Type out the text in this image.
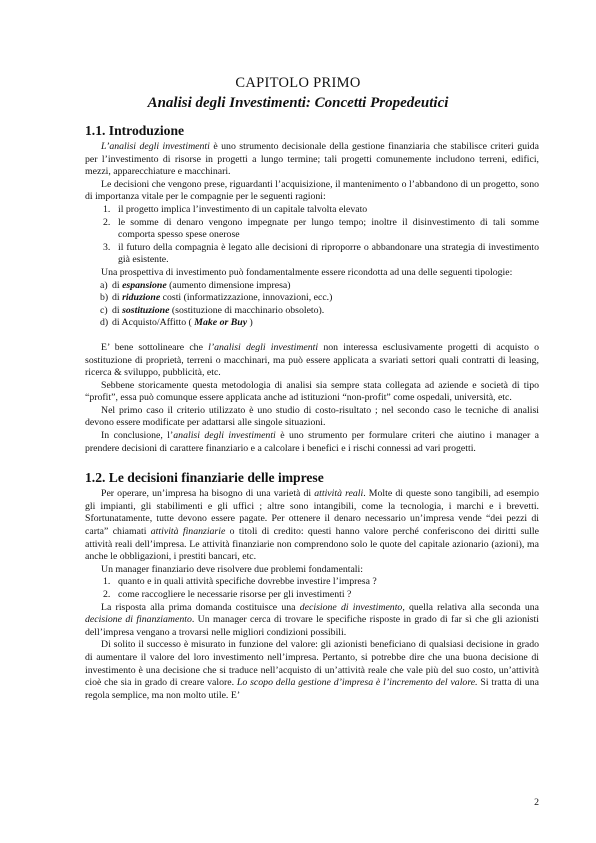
CAPITOLO PRIMO
Analisi degli Investimenti: Concetti Propedeutici
1.1. Introduzione

L’analisi degli investimenti è uno strumento decisionale della gestione finanziaria che stabilisce criteri guida per l’investimento di risorse in progetti a lungo termine; tali progetti comunemente includono terreni, edifici, mezzi, apparecchiature e macchinari.

Le decisioni che vengono prese, riguardanti l’acquisizione, il mantenimento o l’abbandono di un progetto, sono di importanza vitale per le compagnie per le seguenti ragioni:

1. il progetto implica l’investimento di un capitale talvolta elevato
2. le somme di denaro vengono impegnate per lungo tempo; inoltre il disinvestimento di tali somme comporta spesso spese onerose
3. il futuro della compagnia è legato alle decisioni di riproporre o abbandonare una strategia di investimento già esistente.

Una prospettiva di investimento può fondamentalmente essere ricondotta ad una delle seguenti tipologie:

a) di espansione (aumento dimensione impresa)
b) di riduzione costi (informatizzazione, innovazioni, ecc.)
c) di sostituzione (sostituzione di macchinario obsoleto).
d) di Acquisto/Affitto ( Make or Buy )

E’ bene sottolineare che l’analisi degli investimenti non interessa esclusivamente progetti di acquisto o sostituzione di proprietà, terreni o macchinari, ma può essere applicata a svariati settori quali contratti di leasing, ricerca & sviluppo, pubblicità, etc.

Sebbene storicamente questa metodologia di analisi sia sempre stata collegata ad aziende e società di tipo “profit”, essa può comunque essere applicata anche ad istituzioni “non-profit” come ospedali, università, etc.

Nel primo caso il criterio utilizzato è uno studio di costo-risultato ; nel secondo caso le tecniche di analisi devono essere modificate per adattarsi alle singole situazioni.

In conclusione, l’analisi degli investimenti è uno strumento per formulare criteri che aiutino i manager a prendere decisioni di carattere finanziario e a calcolare i benefici e i rischi connessi ad vari progetti.

1.2. Le decisioni finanziarie delle imprese

Per operare, un’impresa ha bisogno di una varietà di attività reali. Molte di queste sono tangibili, ad esempio gli impianti, gli stabilimenti e gli uffici ; altre sono intangibili, come la tecnologia, i marchi e i brevetti. Sfortunatamente, tutte devono essere pagate. Per ottenere il denaro necessario un’impresa vende “dei pezzi di carta” chiamati attività finanziarie o titoli di credito: questi hanno valore perché conferiscono dei diritti sulle attività reali dell’impresa. Le attività finanziarie non comprendono solo le quote del capitale azionario (azioni), ma anche le obbligazioni, i prestiti bancari, etc.

Un manager finanziario deve risolvere due problemi fondamentali:

1. quanto e in quali attività specifiche dovrebbe investire l’impresa ?
2. come raccogliere le necessarie risorse per gli investimenti ?

La risposta alla prima domanda costituisce una decisione di investimento, quella relativa alla seconda una decisione di finanziamento. Un manager cerca di trovare le specifiche risposte in grado di far sì che gli azionisti dell’impresa vengano a trovarsi nelle migliori condizioni possibili.

Di solito il successo è misurato in funzione del valore: gli azionisti beneficiano di qualsiasi decisione in grado di aumentare il valore del loro investimento nell’impresa. Pertanto, si potrebbe dire che una buona decisione di investimento è una decisione che si traduce nell’acquisto di un’attività reale che vale più del suo costo, un’attività cioè che sia in grado di creare valore. Lo scopo della gestione d’impresa è l’incremento del valore. Si tratta di una regola semplice, ma non molto utile. E’

2
